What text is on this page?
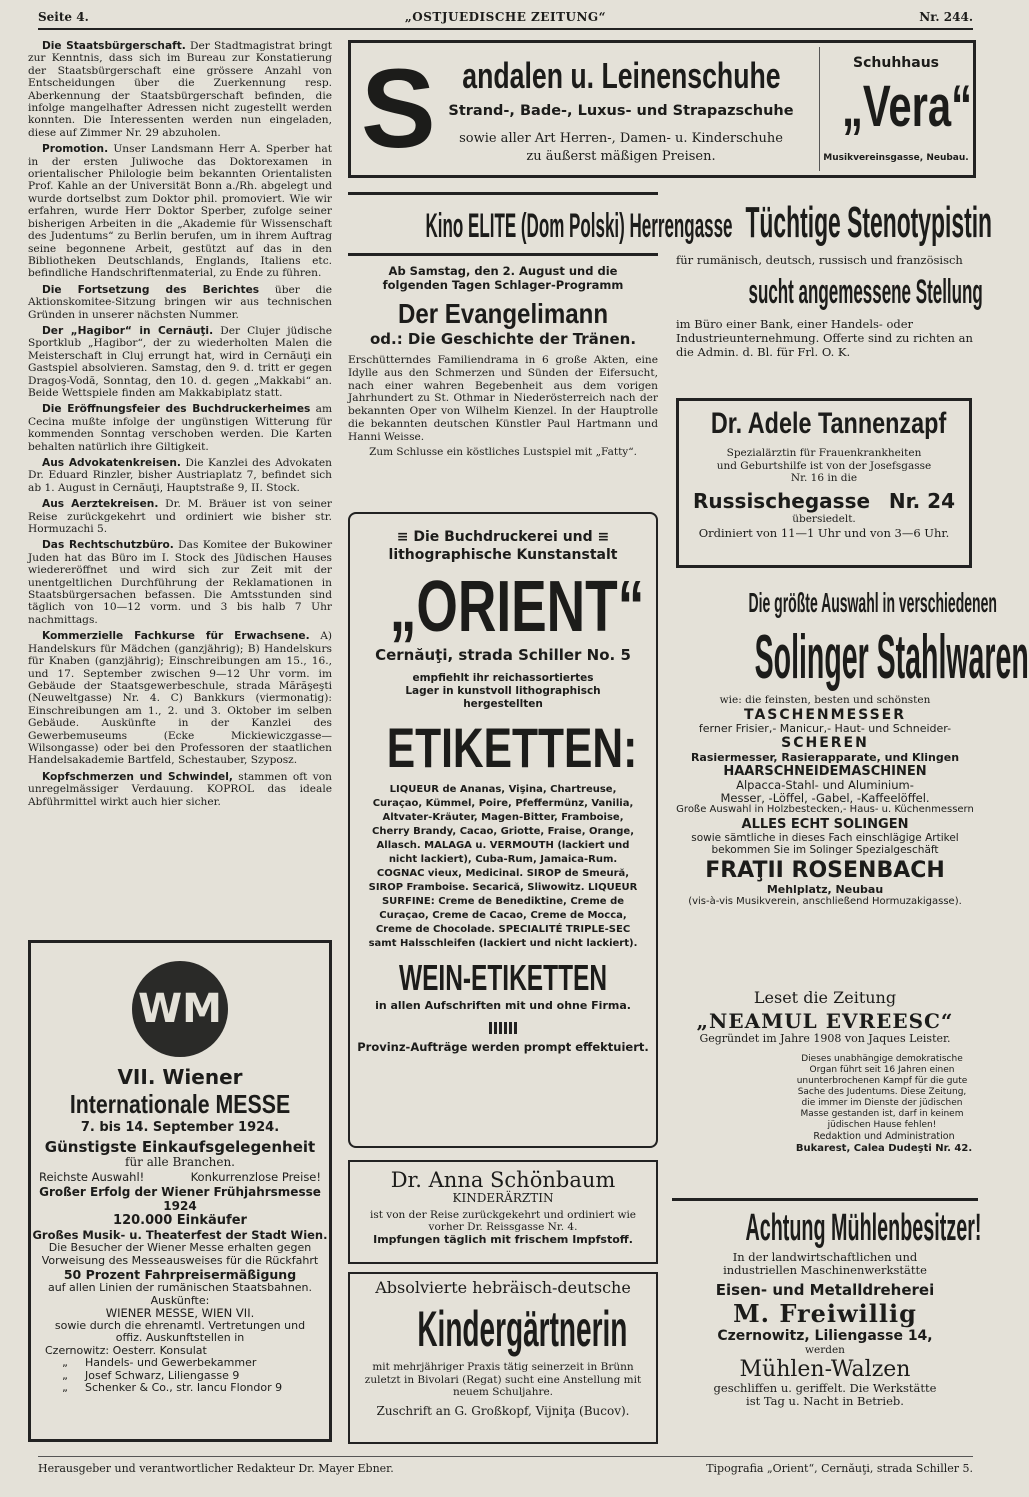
Seite 4.	„OSTJUEDISCHE ZEITUNG“	Nr. 244.

Die Staatsbürgerschaft. Der Stadtmagistrat bringt zur Kenntnis, dass sich im Bureau zur Konstatierung der Staatsbürgerschaft eine grössere Anzahl von Entscheidungen über die Zuerkennung resp. Aberkennung der Staatsbürgerschaft befinden, die infolge mangelhafter Adressen nicht zugestellt werden konnten. Die Interessenten werden nun eingeladen, diese auf Zimmer Nr. 29 abzuholen.

Promotion. Unser Landsmann Herr A. Sperber hat in der ersten Juliwoche das Doktorexamen in orientalischer Philologie beim bekannten Orientalisten Prof. Kahle an der Universität Bonn a./Rh. abgelegt und wurde dortselbst zum Doktor phil. promoviert. Wie wir erfahren, wurde Herr Doktor Sperber, zufolge seiner bisherigen Arbeiten in die „Akademie für Wissenschaft des Judentums“ zu Berlin berufen, um in ihrem Auftrag seine begonnene Arbeit, gestützt auf das in den Bibliotheken Deutschlands, Englands, Italiens etc. befindliche Handschriftenmaterial, zu Ende zu führen.

Die Fortsetzung des Berichtes über die Aktionskomitee-Sitzung bringen wir aus technischen Gründen in unserer nächsten Nummer.

Der „Hagibor“ in Cernăuţi. Der Clujer jüdische Sportklub „Hagibor“, der zu wiederholten Malen die Meisterschaft in Cluj errungt hat, wird in Cernăuţi ein Gastspiel absolvieren. Samstag, den 9. d. tritt er gegen Dragoş-Vodă, Sonntag, den 10. d. gegen „Makkabi“ an. Beide Wettspiele finden am Makkabiplatz statt.

Die Eröffnungsfeier des Buchdruckerheimes am Cecina mußte infolge der ungünstigen Witterung für kommenden Sonntag verschoben werden. Die Karten behalten natürlich ihre Giltigkeit.

Aus Advokatenkreisen. Die Kanzlei des Advokaten Dr. Eduard Rinzler, bisher Austriaplatz 7, befindet sich ab 1. August in Cernăuţi, Hauptstraße 9, II. Stock.

Aus Aerztekreisen. Dr. M. Bräuer ist von seiner Reise zurückgekehrt und ordiniert wie bisher str. Hormuzachi 5.

Das Rechtschutzbüro. Das Komitee der Bukowiner Juden hat das Büro im I. Stock des Jüdischen Hauses wiedereröffnet und wird sich zur Zeit mit der unentgeltlichen Durchführung der Reklamationen in Staatsbürgersachen befassen. Die Amtsstunden sind täglich von 10—12 vorm. und 3 bis halb 7 Uhr nachmittags.

Kommerzielle Fachkurse für Erwachsene. A) Handelskurs für Mädchen (ganzjährig); B) Handelskurs für Knaben (ganzjährig); Einschreibungen am 15., 16., und 17. September zwischen 9—12 Uhr vorm. im Gebäude der Staatsgewerbeschule, strada Mărăşeşti (Neuweltgasse) Nr. 4. C) Bankkurs (viermonatig): Einschreibungen am 1., 2. und 3. Oktober im selben Gebäude. Auskünfte in der Kanzlei des Gewerbemuseums (Ecke Mickiewiczgasse—Wilsongasse) oder bei den Professoren der staatlichen Handelsakademie Bartfeld, Schestauber, Szyposz.

Kopfschmerzen und Schwindel, stammen oft von unregelmässiger Verdauung. KOPROL das ideale Abführmittel wirkt auch hier sicher.

WM
VII. Wiener
Internationale MESSE
7. bis 14. September 1924.
Günstigste Einkaufsgelegenheit
für alle Branchen.
Reichste Auswahl!	Konkurrenzlose Preise!
Großer Erfolg der Wiener Frühjahrsmesse 1924
120.000 Einkäufer
Großes Musik- u. Theaterfest der Stadt Wien.
Die Besucher der Wiener Messe erhalten gegen Vorweisung des Messeausweises für die Rückfahrt
50 Prozent Fahrpreisermäßigung
auf allen Linien der rumänischen Staatsbahnen.
Auskünfte:
WIENER MESSE, WIEN VII.
sowie durch die ehrenamtl. Vertretungen und offiz. Auskunftstellen in
Czernowitz: Oesterr. Konsulat
„ Handels- und Gewerbekammer
„ Josef Schwarz, Liliengasse 9
„ Schenker & Co., str. Iancu Flondor 9
S andalen u. Leinenschuhe
Strand-, Bade-, Luxus- und Strapazschuhe
sowie aller Art Herren-, Damen- u. Kinderschuhe
zu äußerst mäßigen Preisen.
Schuhhaus
„Vera“
Musikvereinsgasse, Neubau.
Kino ELITE (Dom Polski) Herrengasse
Ab Samstag, den 2. August und die folgenden Tagen Schlager-Programm
Der Evangelimann
od.: Die Geschichte der Tränen.
Erschütterndes Familiendrama in 6 große Akten, eine Idylle aus den Schmerzen und Sünden der Eifersucht, nach einer wahren Begebenheit aus dem vorigen Jahrhundert zu St. Othmar in Niederösterreich nach der bekannten Oper von Wilhelm Kienzel. In der Hauptrolle die bekannten deutschen Künstler Paul Hartmann und Hanni Weisse.
Zum Schlusse ein köstliches Lustspiel mit „Fatty“.
≡ Die Buchdruckerei und ≡ lithographische Kunstanstalt
„ORIENT“
Cernăuţi, strada Schiller No. 5
empfiehlt ihr reichassortiertes Lager in kunstvoll lithographisch hergestellten
ETIKETTEN:
LIQUEUR de Ananas, Vişina, Chartreuse, Curaçao, Kümmel, Poire, Pfeffermünz, Vanilia, Altvater-Kräuter, Magen-Bitter, Framboise, Cherry Brandy, Cacao, Griotte, Fraise, Orange, Allasch. MALAGA u. VERMOUTH (lackiert und nicht lackiert), Cuba-Rum, Jamaica-Rum. COGNAC vieux, Medicinal. SIROP de Smeură, SIROP Framboise. Secarică, Sliwowitz. LIQUEUR SURFINE: Creme de Benediktine, Creme de Curaçao, Creme de Cacao, Creme de Mocca, Creme de Chocolade. SPECIALITÉ TRIPLE-SEC samt Halsschleifen (lackiert und nicht lackiert).
WEIN-ETIKETTEN
in allen Aufschriften mit und ohne Firma.
Provinz-Aufträge werden prompt effektuiert.
Dr. Anna Schönbaum
KINDERÄRZTIN
ist von der Reise zurückgekehrt und ordiniert wie vorher Dr. Reissgasse Nr. 4.
Impfungen täglich mit frischem Impfstoff.
Absolvierte hebräisch-deutsche
Kindergärtnerin
mit mehrjähriger Praxis tätig seinerzeit in Brünn zuletzt in Bivolari (Regat) sucht eine Anstellung mit neuem Schuljahre.
Zuschrift an G. Großkopf, Vijniţa (Bucov).
Tüchtige Stenotypistin
für rumänisch, deutsch, russisch und französisch
sucht angemessene Stellung
im Büro einer Bank, einer Handels- oder Industrieunternehmung. Offerte sind zu richten an die Admin. d. Bl. für Frl. O. K.
Dr. Adele Tannenzapf
Spezialärztin für Frauenkrankheiten und Geburtshilfe ist von der Josefsgasse Nr. 16 in die
Russischegasse Nr. 24
übersiedelt.
Ordiniert von 11—1 Uhr und von 3—6 Uhr.
Die größte Auswahl in verschiedenen
Solinger Stahlwaren
wie: die feinsten, besten und schönsten
TASCHENMESSER
ferner Frisier,- Manicur,- Haut- und Schneider-
SCHEREN
Rasiermesser, Rasierapparate, und Klingen
HAARSCHNEIDEMASCHINEN
Alpacca-Stahl- und Aluminium-
Messer, -Löffel, -Gabel, -Kaffeelöffel.
Große Auswahl in Holzbestecken,- Haus- u. Küchenmessern
ALLES ECHT SOLINGEN
sowie sämtliche in dieses Fach einschlägige Artikel bekommen Sie im Solinger Spezialgeschäft
FRAŢII ROSENBACH
Mehlplatz, Neubau
(vis-à-vis Musikverein, anschließend Hormuzakigasse).
Leset die Zeitung
„NEAMUL EVREESC“
Gegründet im Jahre 1908 von Jaques Leister.
Dieses unabhängige demokratische Organ führt seit 16 Jahren einen ununterbrochenen Kampf für die gute Sache des Judentums. Diese Zeitung, die immer im Dienste der jüdischen Masse gestanden ist, darf in keinem jüdischen Hause fehlen!
Redaktion und Administration
Bukarest, Calea Dudeşti Nr. 42.
Achtung Mühlenbesitzer!
In der landwirtschaftlichen und industriellen Maschinenwerkstätte
Eisen- und Metalldreherei
M. Freiwillig
Czernowitz, Liliengasse 14,
werden
Mühlen-Walzen
geschliffen u. geriffelt. Die Werkstätte ist Tag u. Nacht in Betrieb.
Herausgeber und verantwortlicher Redakteur Dr. Mayer Ebner.	Tipografia „Orient“, Cernăuţi, strada Schiller 5.
